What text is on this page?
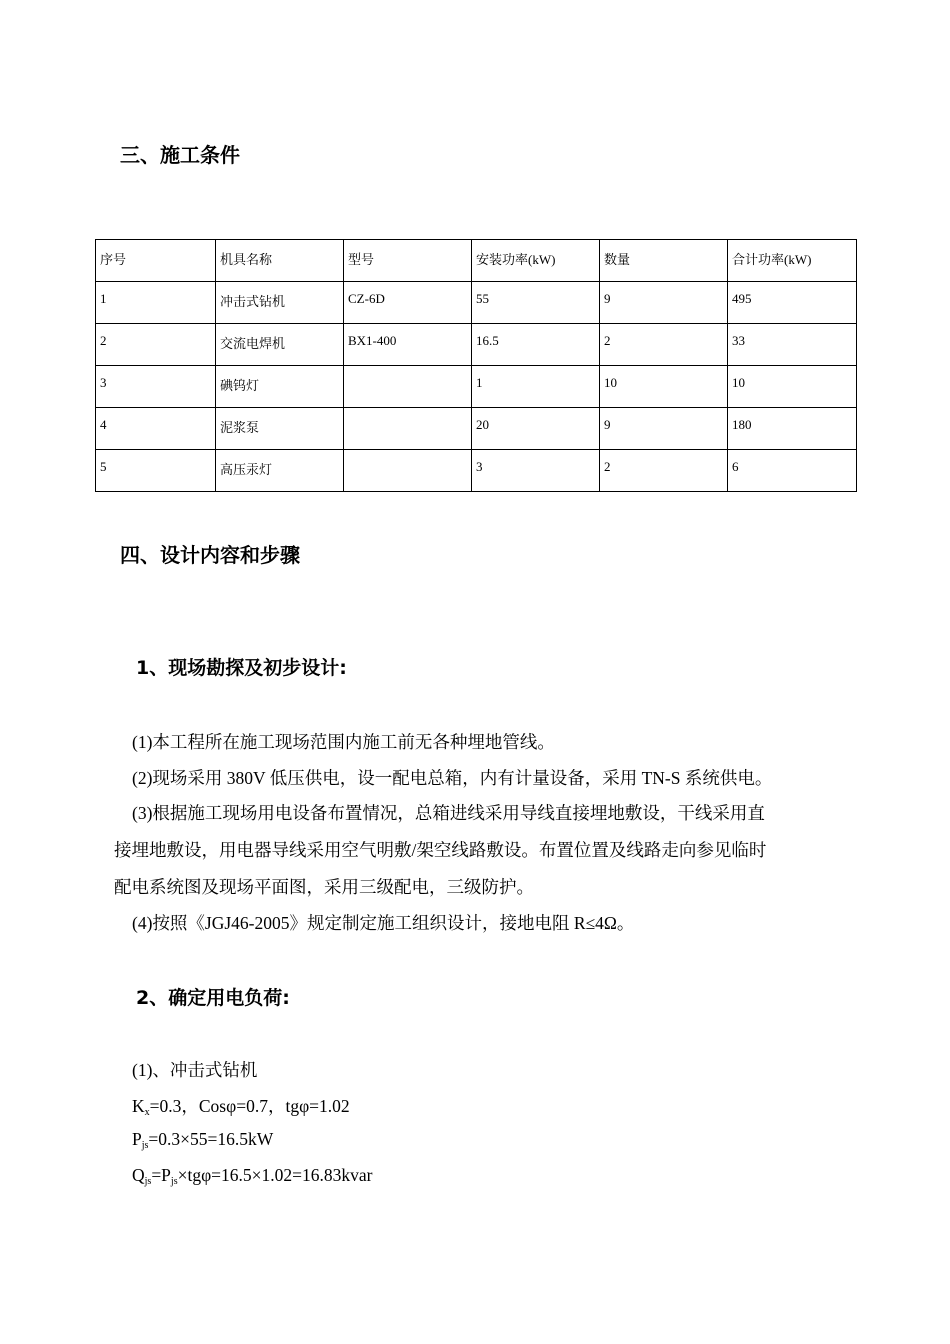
三、施工条件
序号	机具名称	型号	安装功率(kW)	数量	合计功率(kW)
1	冲击式钻机	CZ-6D	55	9	495
2	交流电焊机	BX1-400	16.5	2	33
3	碘钨灯		1	10	10
4	泥浆泵		20	9	180
5	高压汞灯		3	2	6
四、设计内容和步骤
1、现场勘探及初步设计:
(1)本工程所在施工现场范围内施工前无各种埋地管线。
(2)现场采用 380V 低压供电，设一配电总箱，内有计量设备，采用 TN-S 系统供电。
(3)根据施工现场用电设备布置情况，总箱进线采用导线直接埋地敷设，干线采用直
接埋地敷设，用电器导线采用空气明敷/架空线路敷设。布置位置及线路走向参见临时
配电系统图及现场平面图，采用三级配电，三级防护。
(4)按照《JGJ46-2005》规定制定施工组织设计，接地电阻 R≤4Ω。
2、确定用电负荷:
(1)、冲击式钻机
$K_x=0.3$，Cosφ=0.7，tgφ=1.02
$P_{js}=0.3\times 55=16.5kW$
$Q_{js}=P_{js}\times tg\varphi=16.5\times 1.02=16.83kvar$
